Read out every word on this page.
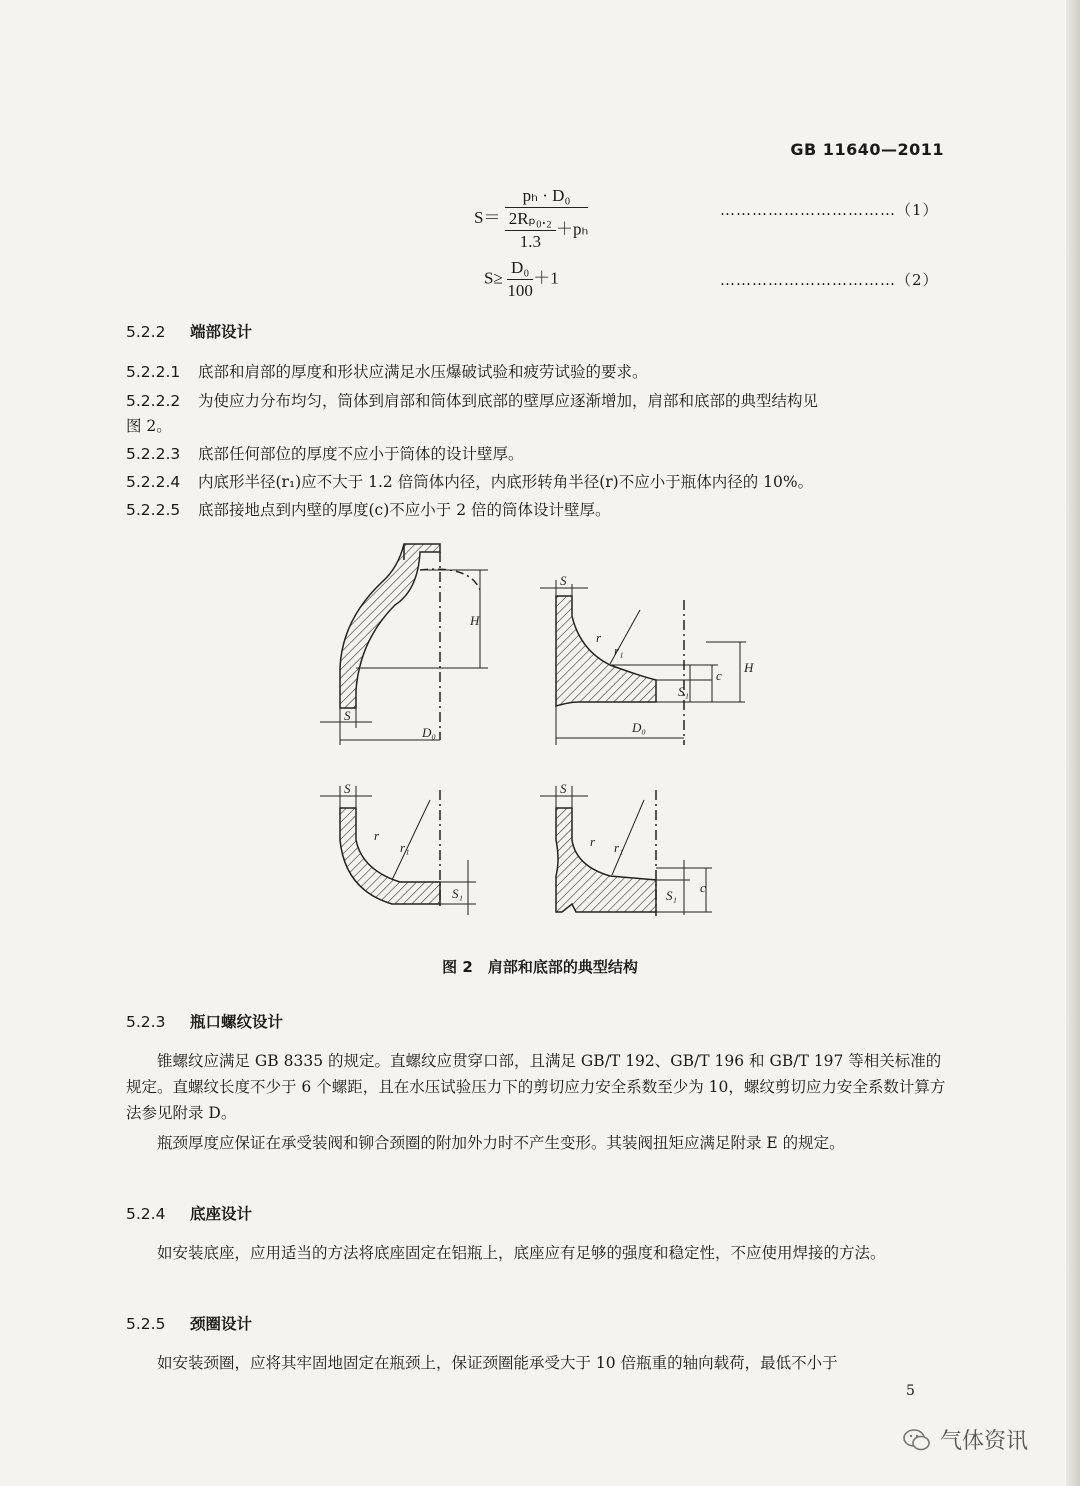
GB 11640—2011
$S= \frac{\text{pₕ · D₀}}{\frac{\text{2Rₚ₀.₂}}{1.3} +p_h}$	……………………………（1）
$S\ge \frac{\text{D₀}}{100} +1$	……………………………（2）
5.2.2 端部设计
5.2.2.1 底部和肩部的厚度和形状应满足水压爆破试验和疲劳试验的要求。
5.2.2.2 为使应力分布均匀，筒体到肩部和筒体到底部的壁厚应逐渐增加，肩部和底部的典型结构见
图 2。
5.2.2.3 底部任何部位的厚度不应小于筒体的设计壁厚。
5.2.2.4 内底形半径(r₁)应不大于 1.2 倍筒体内径，内底形转角半径(r)不应小于瓶体内径的 10%。
5.2.2.5 底部接地点到内壁的厚度(c)不应小于 2 倍的筒体设计壁厚。
S
H
D₀
S
r
r₁
D₀
c
H
S₁
S
r
r₁
S₁
S
r r₁
S₁
c
图 2　肩部和底部的典型结构
5.2.3 瓶口螺纹设计
锥螺纹应满足 GB 8335 的规定。直螺纹应贯穿口部，且满足 GB/T 192、GB/T 196 和 GB/T 197 等相关标准的规定。直螺纹长度不少于 6 个螺距，且在水压试验压力下的剪切应力安全系数至少为 10，螺纹剪切应力安全系数计算方法参见附录 D。
瓶颈厚度应保证在承受装阀和铆合颈圈的附加外力时不产生变形。其装阀扭矩应满足附录 E 的规定。
5.2.4 底座设计
如安装底座，应用适当的方法将底座固定在铝瓶上，底座应有足够的强度和稳定性，不应使用焊接的方法。
5.2.5 颈圈设计
如安装颈圈，应将其牢固地固定在瓶颈上，保证颈圈能承受大于 10 倍瓶重的轴向载荷，最低不小于
5
气体资讯
